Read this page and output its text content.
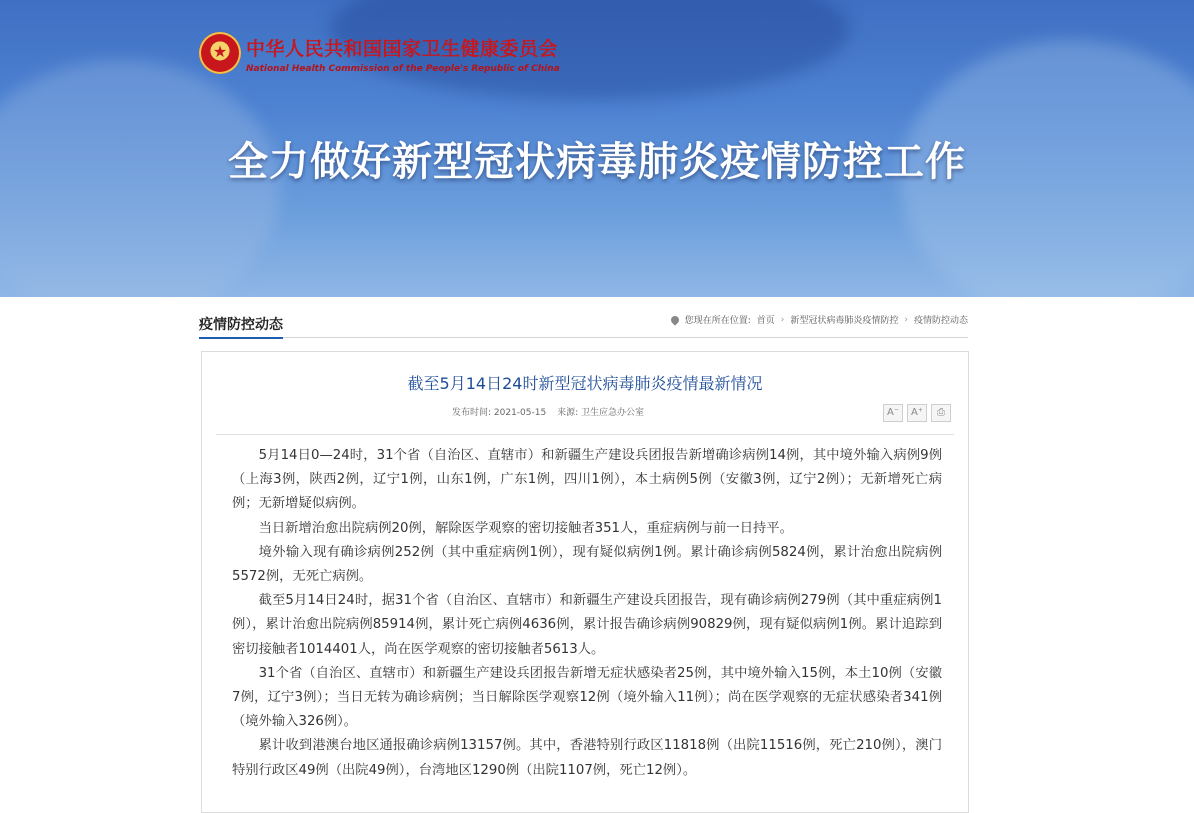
★ 中华人民共和国国家卫生健康委员会
National Health Commission of the People's Republic of China
全力做好新型冠状病毒肺炎疫情防控工作
疫情防控动态	您现在所在位置: 首页 › 新型冠状病毒肺炎疫情防控 › 疫情防控动态
截至5月14日24时新型冠状病毒肺炎疫情最新情况
发布时间: 2021-05-15 来源: 卫生应急办公室	A⁻	A⁺	⎙

5月14日0—24时，31个省（自治区、直辖市）和新疆生产建设兵团报告新增确诊病例14例，其中境外输入病例9例（上海3例，陕西2例，辽宁1例，山东1例，广东1例，四川1例），本土病例5例（安徽3例，辽宁2例）；无新增死亡病例；无新增疑似病例。

当日新增治愈出院病例20例，解除医学观察的密切接触者351人，重症病例与前一日持平。

境外输入现有确诊病例252例（其中重症病例1例），现有疑似病例1例。累计确诊病例5824例，累计治愈出院病例5572例，无死亡病例。

截至5月14日24时，据31个省（自治区、直辖市）和新疆生产建设兵团报告，现有确诊病例279例（其中重症病例1例），累计治愈出院病例85914例，累计死亡病例4636例，累计报告确诊病例90829例，现有疑似病例1例。累计追踪到密切接触者1014401人，尚在医学观察的密切接触者5613人。

31个省（自治区、直辖市）和新疆生产建设兵团报告新增无症状感染者25例，其中境外输入15例，本土10例（安徽7例，辽宁3例）；当日无转为确诊病例；当日解除医学观察12例（境外输入11例）；尚在医学观察的无症状感染者341例（境外输入326例）。

累计收到港澳台地区通报确诊病例13157例。其中，香港特别行政区11818例（出院11516例，死亡210例），澳门特别行政区49例（出院49例），台湾地区1290例（出院1107例，死亡12例）。
